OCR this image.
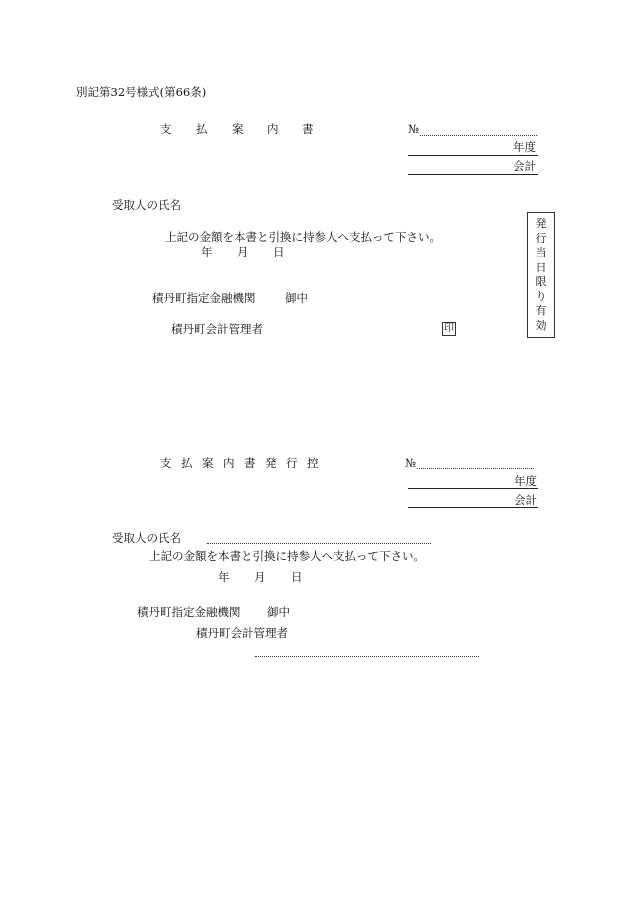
別記第32号様式(第66条)
支 払 案 内 書	№
年度
会計
受取人の氏名
上記の金額を本書と引換に持参人へ支払って下さい。
年 月 日
積丹町指定金融機関	御中
積丹町会計管理者	印
発
行
当
日
限
り
有
効
支 払 案 内 書 発 行 控	№
年度
会計
受取人の氏名
上記の金額を本書と引換に持参人へ支払って下さい。
年 月 日
積丹町指定金融機関 御中
積丹町会計管理者
